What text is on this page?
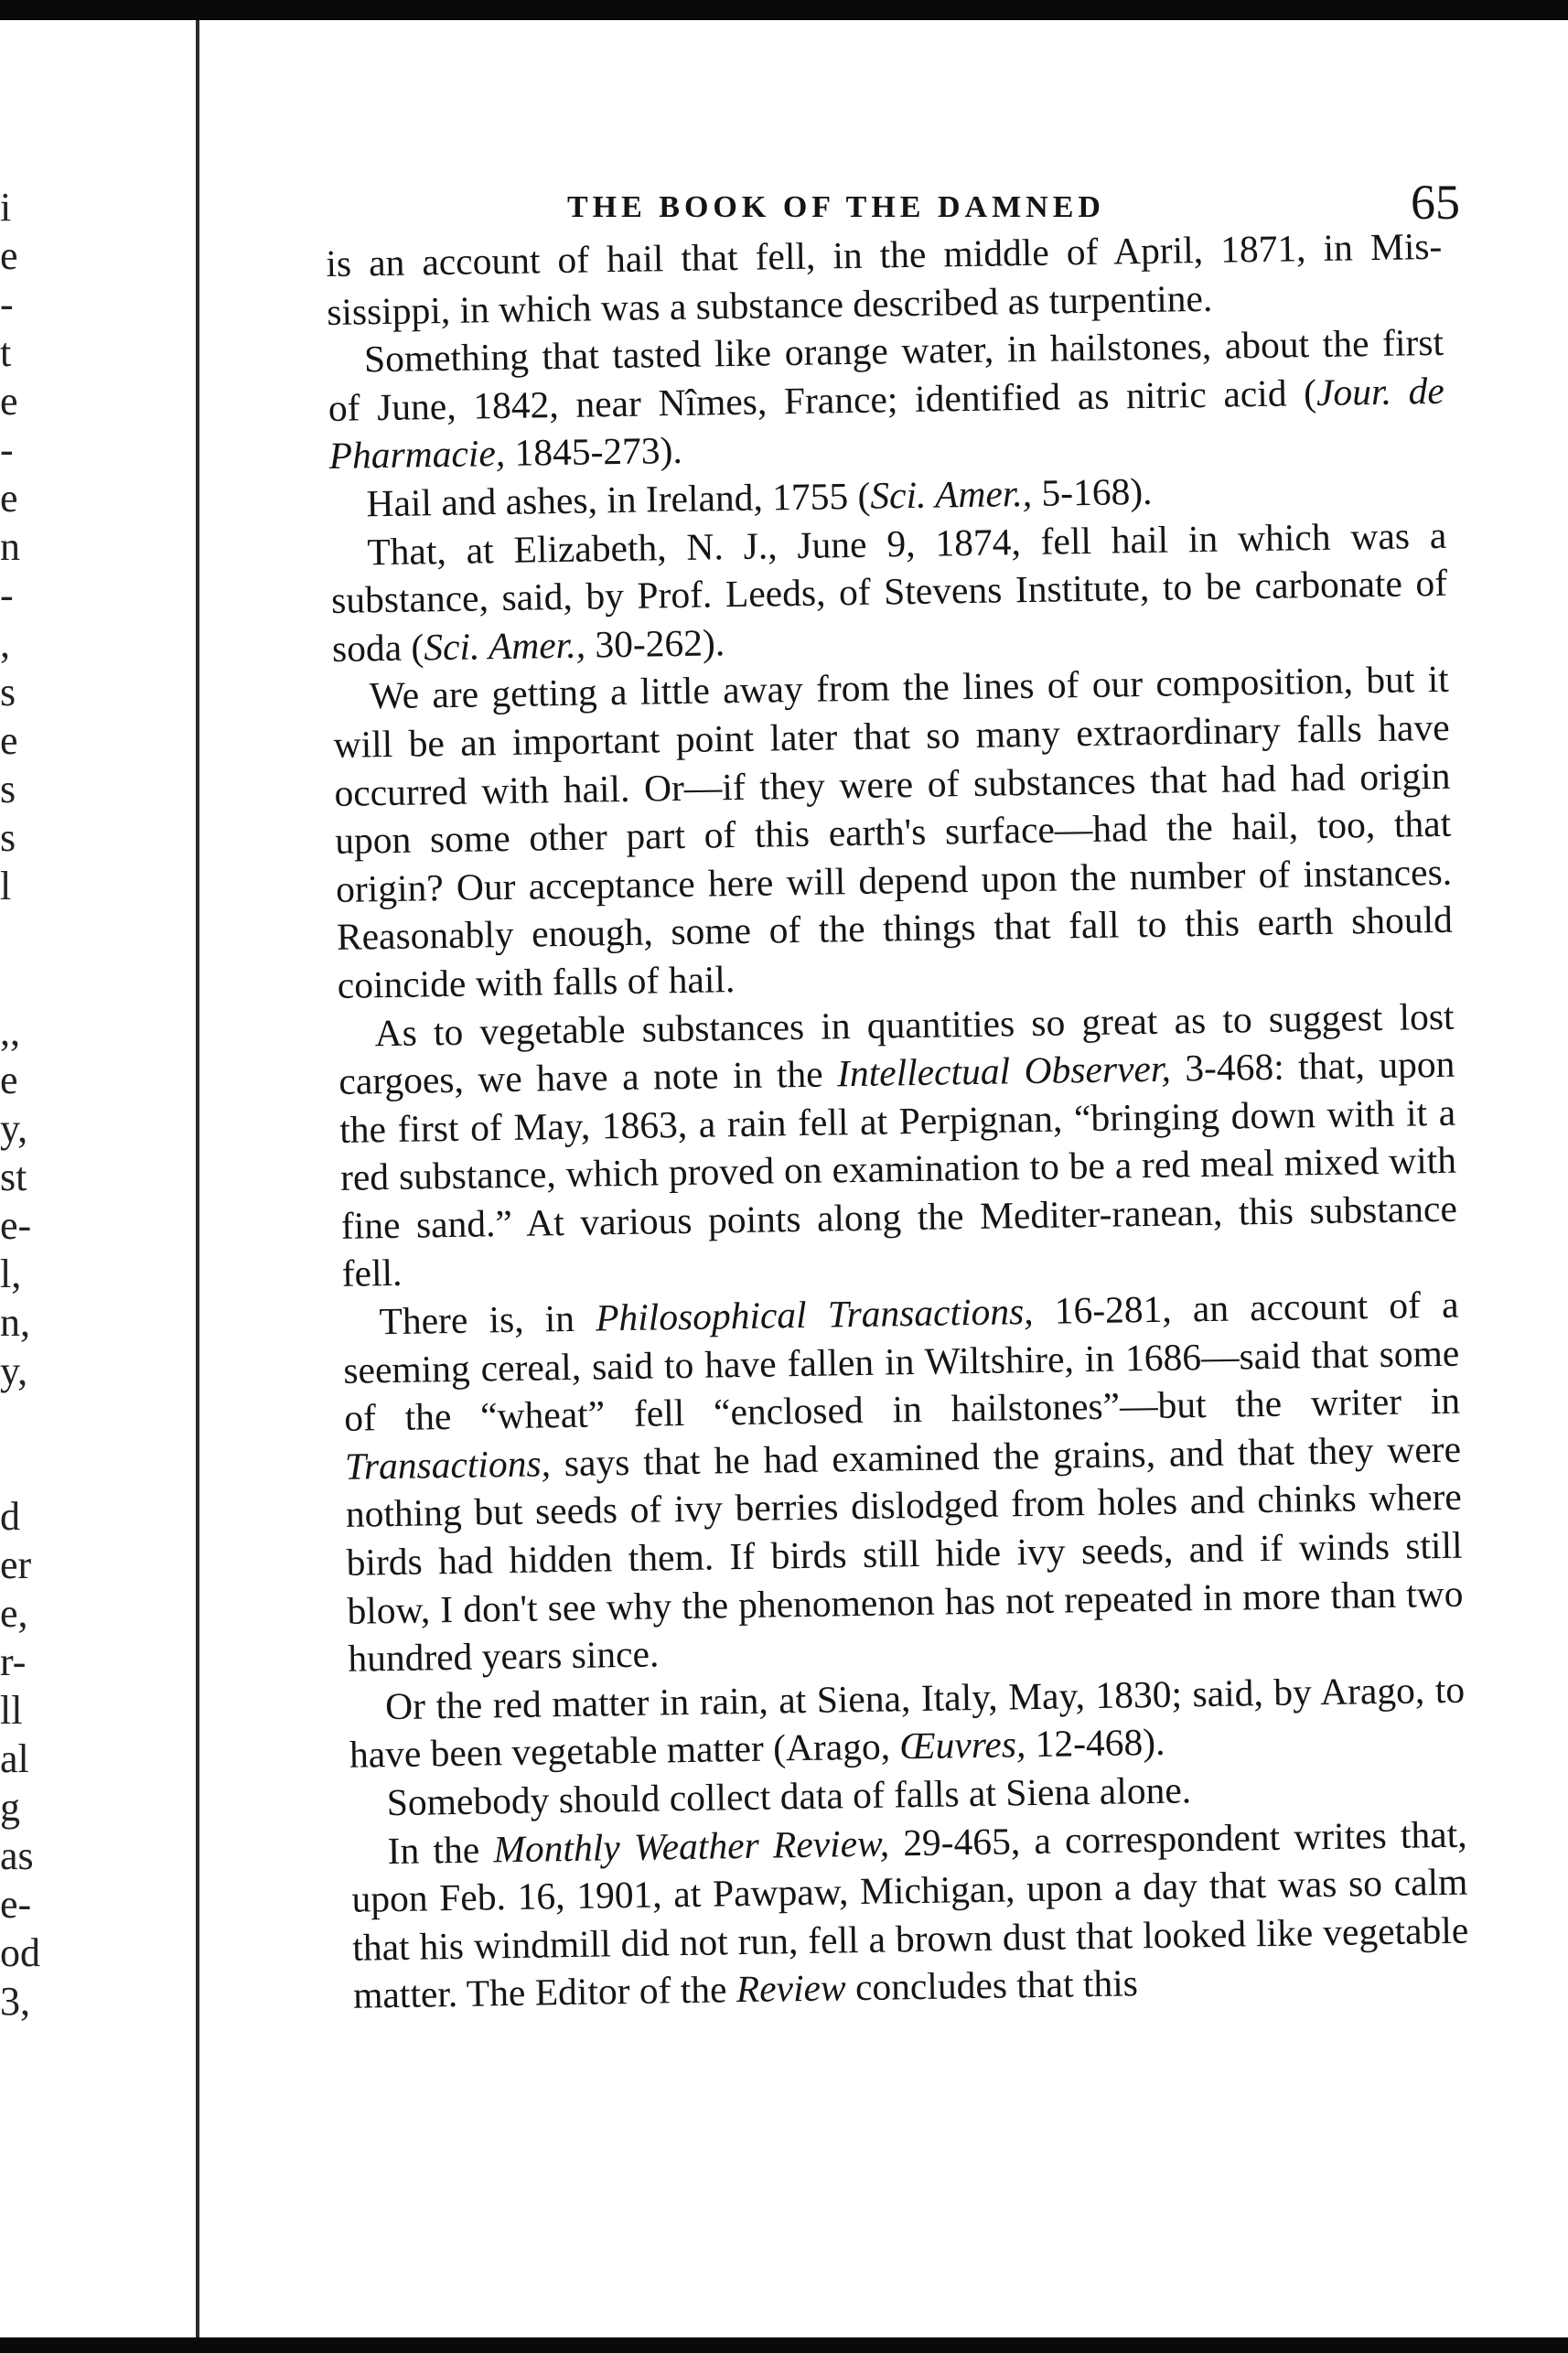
i
e
-
t
e
-
e
n
-
,
s
e
s
s
l
,,
e
y,
st
e-
l,
n,
y,
d
er
e,
r-
ll
al
g
as
e-
od
3,
THE BOOK OF THE DAMNED	65

is an account of hail that fell, in the middle of April, 1871, in Mis-sissippi, in which was a substance described as turpentine.

Something that tasted like orange water, in hailstones, about the first of June, 1842, near Nîmes, France; identified as nitric acid (Jour. de Pharmacie, 1845-273).

Hail and ashes, in Ireland, 1755 (Sci. Amer., 5-168).

That, at Elizabeth, N. J., June 9, 1874, fell hail in which was a substance, said, by Prof. Leeds, of Stevens Institute, to be carbonate of soda (Sci. Amer., 30-262).

We are getting a little away from the lines of our composition, but it will be an important point later that so many extraordinary falls have occurred with hail. Or—if they were of substances that had had origin upon some other part of this earth's surface—had the hail, too, that origin? Our acceptance here will depend upon the number of instances. Reasonably enough, some of the things that fall to this earth should coincide with falls of hail.

As to vegetable substances in quantities so great as to suggest lost cargoes, we have a note in the Intellectual Observer, 3-468: that, upon the first of May, 1863, a rain fell at Perpignan, “bringing down with it a red substance, which proved on examination to be a red meal mixed with fine sand.” At various points along the Mediter-ranean, this substance fell.

There is, in Philosophical Transactions, 16-281, an account of a seeming cereal, said to have fallen in Wiltshire, in 1686—said that some of the “wheat” fell “enclosed in hailstones”—but the writer in Transactions, says that he had examined the grains, and that they were nothing but seeds of ivy berries dislodged from holes and chinks where birds had hidden them. If birds still hide ivy seeds, and if winds still blow, I don't see why the phenomenon has not repeated in more than two hundred years since.

Or the red matter in rain, at Siena, Italy, May, 1830; said, by Arago, to have been vegetable matter (Arago, Œuvres, 12-468).

Somebody should collect data of falls at Siena alone.

In the Monthly Weather Review, 29-465, a correspondent writes that, upon Feb. 16, 1901, at Pawpaw, Michigan, upon a day that was so calm that his windmill did not run, fell a brown dust that looked like vegetable matter. The Editor of the Review concludes that this
